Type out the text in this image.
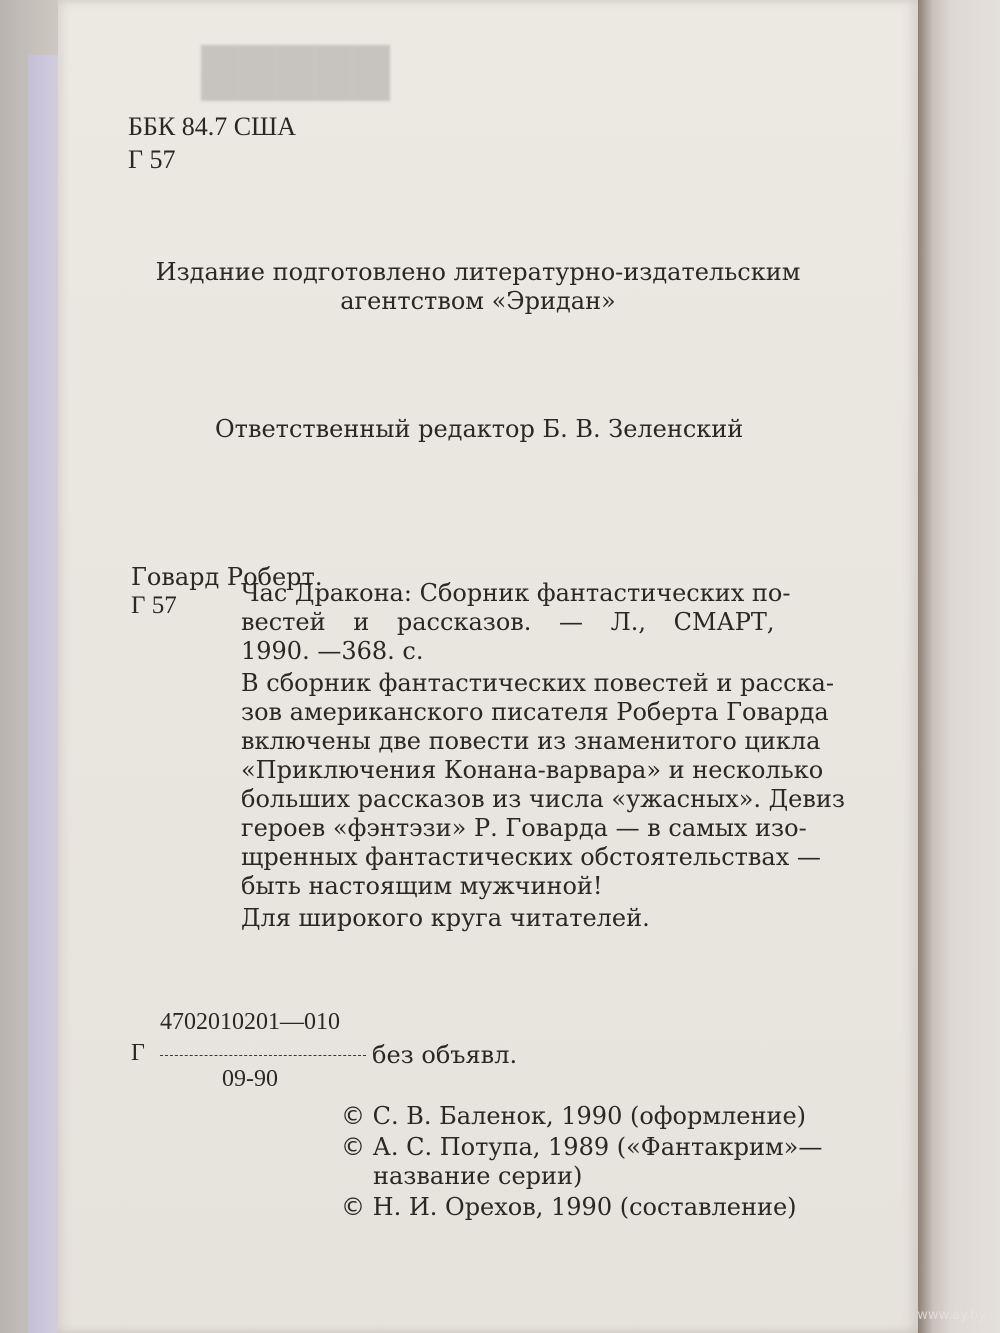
█████
ББК 84.7 США
Г 57
Издание подготовлено литературно-издательским
агентством «Эридан»
Ответственный редактор Б. В. Зеленский
Говард Роберт.
Г 57	Час Дракона: Сборник фантастических по-
вестей и рассказов. — Л., СМАРТ,
1990. —368. с.
В сборник фантастических повестей и расска-
зов американского писателя Роберта Говарда
включены две повести из знаменитого цикла
«Приключения Конана-варвара» и несколько
больших рассказов из числа «ужасных». Девиз
героев «фэнтэзи» Р. Говарда — в самых изо-
щренных фантастических обстоятельствах —
быть настоящим мужчиной!
Для широкого круга читателей.
4702010201—010
Г	без объявл.
09-90
© С. В. Баленок, 1990 (оформление)
© А. С. Потупа, 1989 («Фантакрим»—
название серии)
© Н. И. Орехов, 1990 (составление)
www.ay.by
